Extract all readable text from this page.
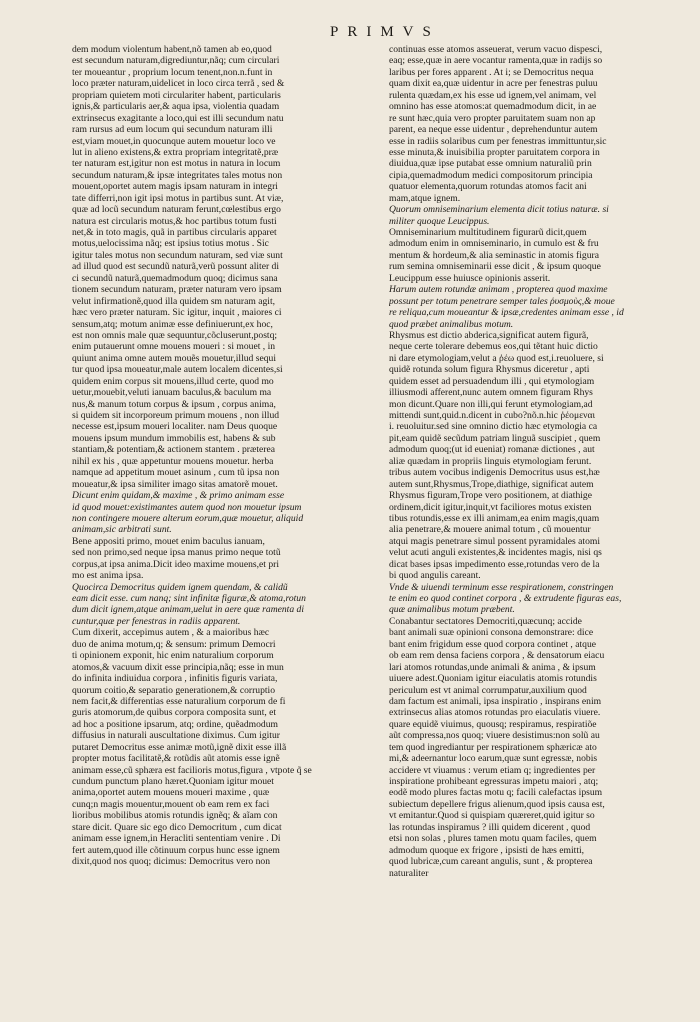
PRIMVS
dem modum violentum habent,nõ tamen ab eo,quod
est secundum naturam,digrediuntur,nãq; cum circulari
ter moueantur , proprium locum tenent,non.n.funt in
loco præter naturam,uidelicet in loco circa terrã , sed &
propriam quietem moti circulariter habent, particularis
ignis,& particularis aer,& aqua ipsa, violentia quadam
extrinsecus exagitante a loco,qui est illi secundum natu
ram rursus ad eum locum qui secundum naturam illi
est,viam mouet,in quocunque autem mouetur loco ve
lut in alieno existens,& extra propriam integritatẽ,præ
ter naturam est,igitur non est motus in natura in locum
secundum naturam,& ipsæ integritates tales motus non
mouent,oportet autem magis ipsam naturam in integri
tate differri,non igit ipsi motus in partibus sunt. At viæ,
quæ ad locũ secundum naturam ferunt,cœlestibus ergo
natura est circularis motus,& hoc partibus totum fusti
net,& in toto magis, quã in partibus circularis apparet
motus,uelocissima nãq; est ipsius totius motus . Sic
igitur tales motus non secundum naturam, sed viæ sunt
ad illud quod est secundũ naturã,verũ possunt aliter di
ci secundũ naturã,quemadmodum quoq; dicimus sana
tionem secundum naturam, præter naturam vero ipsam
velut infirmationẽ,quod illa quidem sm naturam agit,
hæc vero præter naturam. Sic igitur, inquit , maiores ci
sensum,atq; motum animæ esse definiuerunt,ex hoc,
est non omnis male quæ sequuntur,cõcluserunt,postq;
enim putauerunt omne mouens moueri : si mouet , in
quiunt anima omne autem mouẽs mouetur,illud sequi
tur quod ipsa moueatur,male autem localem dicentes,si
quidem enim corpus sit mouens,illud certe, quod mo
uetur,mouebit,veluti ianuam baculus,& baculum ma
nus,& manum totum corpus & ipsum , corpus anima,
si quidem sit incorporeum primum mouens , non illud
necesse est,ipsum moueri localiter. nam Deus quoque
mouens ipsum mundum immobilis est, habens & sub
stantiam,& potentiam,& actionem stantem . præterea
nihil ex his , quæ appetuntur mouens mouetur. herba
namque ad appetitum mouet asinum , cum tũ ipsa non
moueatur,& ipsa similiter imago sitas amatorẽ mouet.
Dicunt enim quidam,& maxime , & primo animam esse
id quod mouet:existimantes autem quod non mouetur ipsum
non contingere mouere alterum eorum,quæ mouetur, aliquid
animam,sic arbitrati sunt.
Bene appositi primo, mouet enim baculus ianuam,
sed non primo,sed neque ipsa manus primo neque totũ
corpus,at ipsa anima.Dicit ideo maxime mouens,et pri
mo est anima ipsa.
Quocirca Democritus quidem ignem quendam, & calidũ
eam dicit esse. cum nanq; sint infinitæ figuræ,& atoma,rotun
dum dicit ignem,atque animam,uelut in aere quæ ramenta di
cuntur,quæ per fenestras in radiis apparent.
Cum dixerit, accepimus autem , & a maioribus hæc
duo de anima motum,q; & sensum: primum Democri
ti opinionem exponit, hic enim naturalium corporum
atomos,& vacuum dixit esse principia,nãq; esse in mun
do infinita indiuidua corpora , infinitis figuris variata,
quorum coitio,& separatio generationem,& corruptio
nem facit,& differentias esse naturalium corporum de fi
guris atomorum,de quibus corpora composita sunt, et
ad hoc a positione ipsarum, atq; ordine, quẽadmodum
diffusius in naturali auscultatione diximus. Cum igitur
putaret Democritus esse animæ motũ,ignẽ dixit esse illã
propter motus facilitatẽ,& rotũdis aũt atomis esse ignẽ
animam esse,cũ sphæra est facilioris motus,figura , vtpote q̃ se
cundum punctum plano hæret.Quoniam igitur mouet
anima,oportet autem mouens moueri maxime , quæ
cunq;n magis mouentur,mouent ob eam rem ex faci
lioribus mobilibus atomis rotundis ignẽq; & aĩam con
stare dicit. Quare sic ego dico Democritum , cum dicat
animam esse ignem,in Heracliti sententiam venire . Di
fert autem,quod ille cõtinuum corpus hunc esse ignem
dixit,quod nos quoq; dicimus: Democritus vero non
continuas esse atomos asseuerat, verum vacuo dispesci,
eaq; esse,quæ in aere vocantur ramenta,quæ in radijs so
laribus per fores apparent . At i; se Democritus nequa
quam dixit ea,quæ uidentur in acre per fenestras puluu
rulenta quædam,ex his esse ud ignem,vel animam, vel
omnino has esse atomos:at quemadmodum dicit, in ae
re sunt hæc,quia vero propter paruitatem suam non ap
parent, ea neque esse uidentur , deprehenduntur autem
esse in radiis solaribus cum per fenestras immittuntur,sic
esse minuta,& inuisibilia propter paruitatem corpora in
diuidua,quæ ipse putabat esse omnium naturaliũ prin
cipia,quemadmodum medici compositorum principia
quatuor elementa,quorum rotundas atomos facit ani
mam,atque ignem.
Quorum omniseminarium elementa dicit totius naturæ. si
militer quoque Leucippus.
Omniseminarium multitudinem figurarũ dicit,quem
admodum enim in omniseminario, in cumulo est & fru
mentum & hordeum,& alia seminastic in atomis figura
rum semina omniseminarii esse dicit , & ipsum quoque
Leucippum esse huiusce opinionis asserit.
Harum autem rotundæ animam , propterea quod maxime
possunt per totum penetrare semper tales ῥυσμοὺς,& moue
re reliqua,cum moueantur & ipsæ,credentes animam esse , id
quod præbet animalibus motum.
Rhysmus est dictio abderica,significat autem figurã,
neque certe tolerare debemus eos,qui tẽtant huic dictio
ni dare etymologiam,velut a ῥέω quod est,i.reuoluere, si
quidẽ rotunda solum figura Rhysmus diceretur , apti
quidem esset ad persuadendum illi , qui etymologiam
illiusmodi afferent,nunc autem omnem figuram Rhys
mon dicunt.Quare non illi,qui ferunt etymologiam,ad
mittendi sunt,quid.n.dicent in cubo?nõ.n.hic ῥέομεναι
i. reuoluitur.sed sine omnino dictio hæc etymologia ca
pit,eam quidẽ secũdum patriam linguã suscipiet , quem
admodum quoq;(ut id eueniat) romanæ dictiones , aut
aliæ quædam in propriis linguis etymologiam ferunt.
tribus autem vocibus indigenis Democritus usus est,hæ
autem sunt,Rhysmus,Trope,diathige, significat autem
Rhysmus figuram,Trope vero positionem, at diathige
ordinem,dicit igitur,inquit,vt faciliores motus existen
tibus rotundis,esse ex illi animam,ea enim magis,quam
alia penetrare,& mouere animal totum , cũ mouentur
atqui magis penetrare simul possent pyramidales atomi
velut acuti anguli existentes,& incidentes magis, nisi qs
dicat bases ipsas impedimento esse,rotundas vero de la
bi quod angulis careant.
Vnde & uiuendi terminum esse respirationem, constringen
te enim eo quod continet corpora , & extrudente figuras eas,
quæ animalibus motum præbent.
Conabantur sectatores Democriti,quæcunq; accide
bant animali suæ opinioni consona demonstrare: dice
bant enim frigidum esse quod corpora continet , atque
ob eam rem densa faciens corpora , & densatorum eiacu
lari atomos rotundas,unde animali & anima , & ipsum
uiuere adest.Quoniam igitur eiaculatis atomis rotundis
periculum est vt animal corrumpatur,auxilium quod
dam factum est animali, ipsa inspiratio , inspirans enim
extrinsecus alias atomos rotundas pro eiaculatis viuere.
quare equidẽ viuimus, quousq; respiramus, respiratiõe
aũt compressa,nos quoq; viuere desistimus:non solũ au
tem quod ingrediantur per respirationem sphæricæ ato
mi,& adeernantur loco earum,quæ sunt egressæ, nobis
accidere vt viuamus : verum etiam q; ingredientes per
inspiratione prohibeant egressuras impetu maiori , atq;
eodẽ modo plures factas motu q; facili calefactas ipsum
subiectum depellere frigus alienum,quod ipsis causa est,
vt emitantur.Quod si quispiam quæreret,quid igitur so
las rotundas inspiramus ? illi quidem dicerent , quod
etsi non solas , plures tamen motu quam faciles, quem
admodum quoque ex frigore , ipsisti de hæs emitti,
quod lubricæ,cum careant angulis, sunt , & propterea
naturaliter
